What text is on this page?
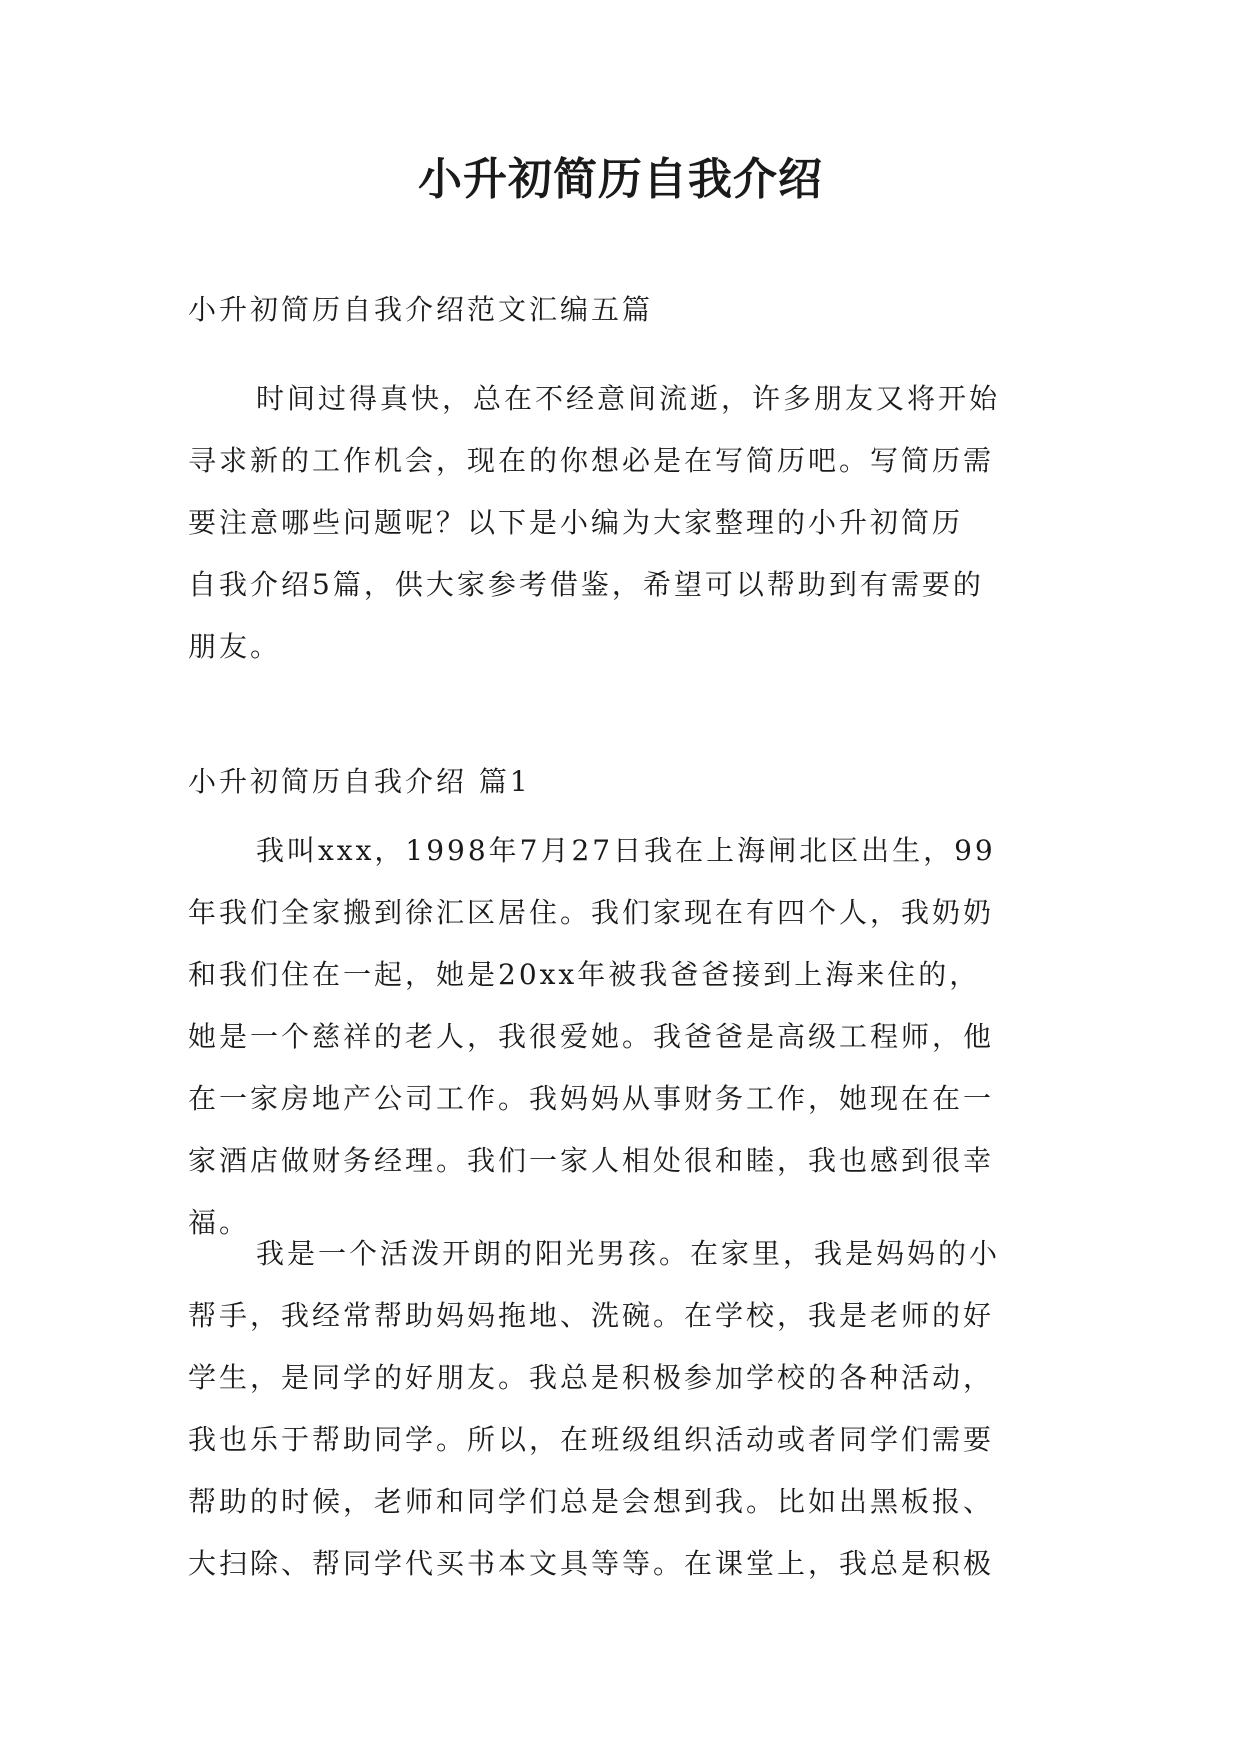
小升初简历自我介绍
小升初简历自我介绍范文汇编五篇

时间过得真快，总在不经意间流逝，许多朋友又将开始
寻求新的工作机会，现在的你想必是在写简历吧。写简历需
要注意哪些问题呢？以下是小编为大家整理的小升初简历
自我介绍5篇，供大家参考借鉴，希望可以帮助到有需要的
朋友。

小升初简历自我介绍 篇1

我叫xxx，1998年7月27日我在上海闸北区出生，99
年我们全家搬到徐汇区居住。我们家现在有四个人，我奶奶
和我们住在一起，她是20xx年被我爸爸接到上海来住的，
她是一个慈祥的老人，我很爱她。我爸爸是高级工程师，他
在一家房地产公司工作。我妈妈从事财务工作，她现在在一
家酒店做财务经理。我们一家人相处很和睦，我也感到很幸
福。

我是一个活泼开朗的阳光男孩。在家里，我是妈妈的小
帮手，我经常帮助妈妈拖地、洗碗。在学校，我是老师的好
学生，是同学的好朋友。我总是积极参加学校的各种活动，
我也乐于帮助同学。所以，在班级组织活动或者同学们需要
帮助的时候，老师和同学们总是会想到我。比如出黑板报、
大扫除、帮同学代买书本文具等等。在课堂上，我总是积极
